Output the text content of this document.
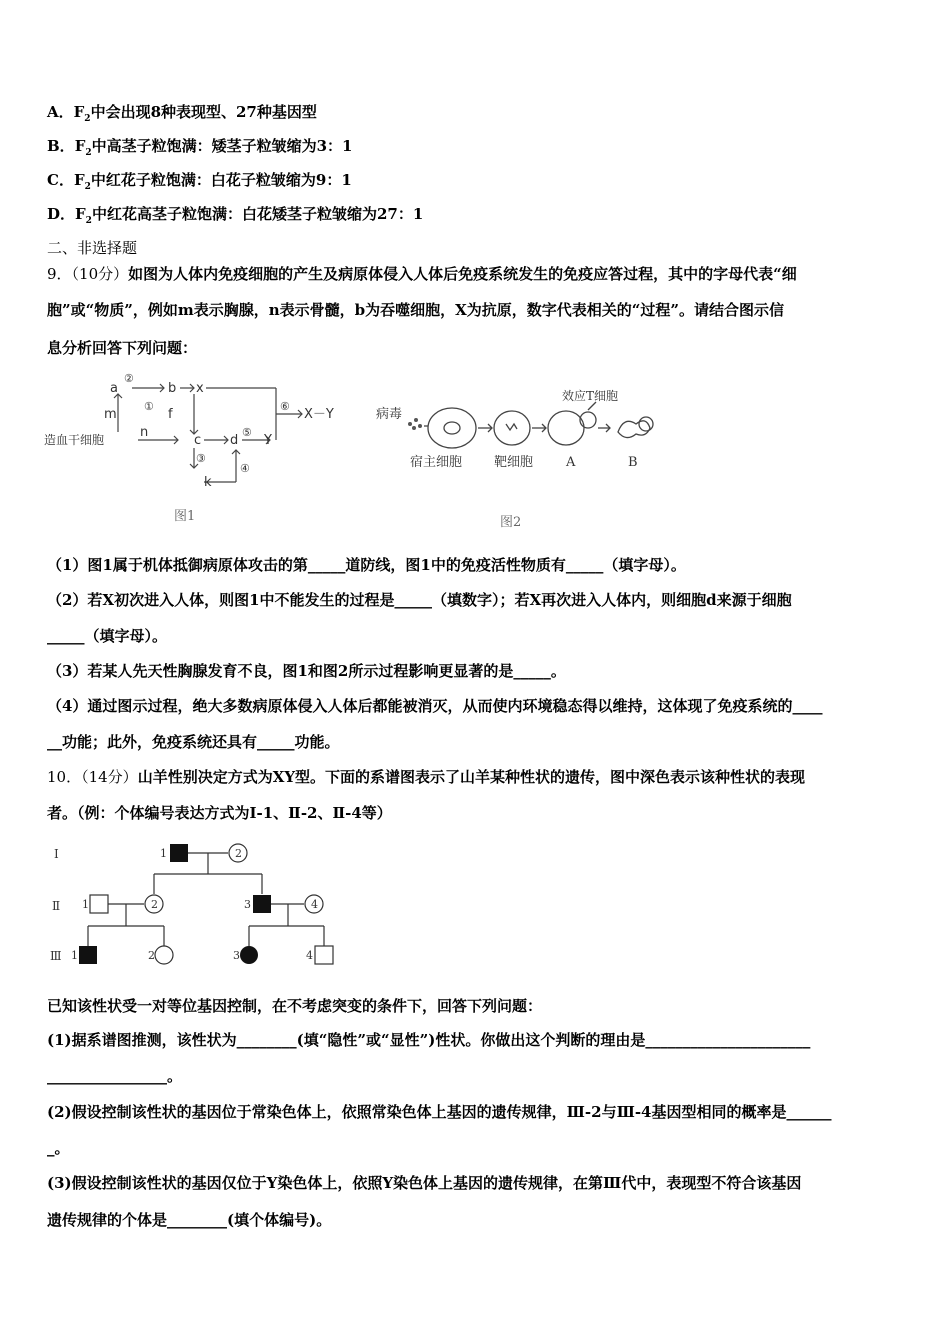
A．$F_2$中会出现8种表现型、27种基因型
B．$F_2$中高茎子粒饱满：矮茎子粒皱缩为3：1
C．$F_2$中红花子粒饱满：白花子粒皱缩为9：1
D．$F_2$中红花高茎子粒饱满：白花矮茎子粒皱缩为27：1
二、非选择题
9．（10分）如图为人体内免疫细胞的产生及病原体侵入人体后免疫系统发生的免疫应答过程，其中的字母代表“细
胞”或“物质”，例如m表示胸腺，n表示骨髓，b为吞噬细胞，X为抗原，数字代表相关的“过程”。请结合图示信
息分析回答下列问题：
a
②
b x
m
①
f
造血干细胞	n
c d
⑤
Y
⑥
X－Y
③
④
k
图1
病毒
效应T细胞
宿主细胞 靶细胞	A	B
图2
（1）图1属于机体抵御病原体攻击的第_____道防线，图1中的免疫活性物质有_____（填字母）。
（2）若X初次进入人体，则图1中不能发生的过程是_____（填数字）；若X再次进入人体内，则细胞d来源于细胞
_____（填字母）。
（3）若某人先天性胸腺发育不良，图1和图2所示过程影响更显著的是_____。
（4）通过图示过程，绝大多数病原体侵入人体后都能被消灭，从而使内环境稳态得以维持，这体现了免疫系统的____
__功能；此外，免疫系统还具有_____功能。
10．（14分）山羊性别决定方式为XY型。下面的系谱图表示了山羊某种性状的遗传，图中深色表示该种性状的表现
者。（例：个体编号表达方式为Ⅰ-1、Ⅱ-2、Ⅱ-4等）
Ⅰ
Ⅱ
Ⅲ
1	2
1	2	3	4
1	2	3	4
已知该性状受一对等位基因控制，在不考虑突变的条件下，回答下列问题：
(1)据系谱图推测，该性状为________(填“隐性”或“显性”)性状。你做出这个判断的理由是______________________
________________。
(2)假设控制该性状的基因位于常染色体上，依照常染色体上基因的遗传规律，Ⅲ-2与Ⅲ-4基因型相同的概率是______
_。
(3)假设控制该性状的基因仅位于Y染色体上，依照Y染色体上基因的遗传规律，在第Ⅲ代中，表现型不符合该基因
遗传规律的个体是________(填个体编号)。
